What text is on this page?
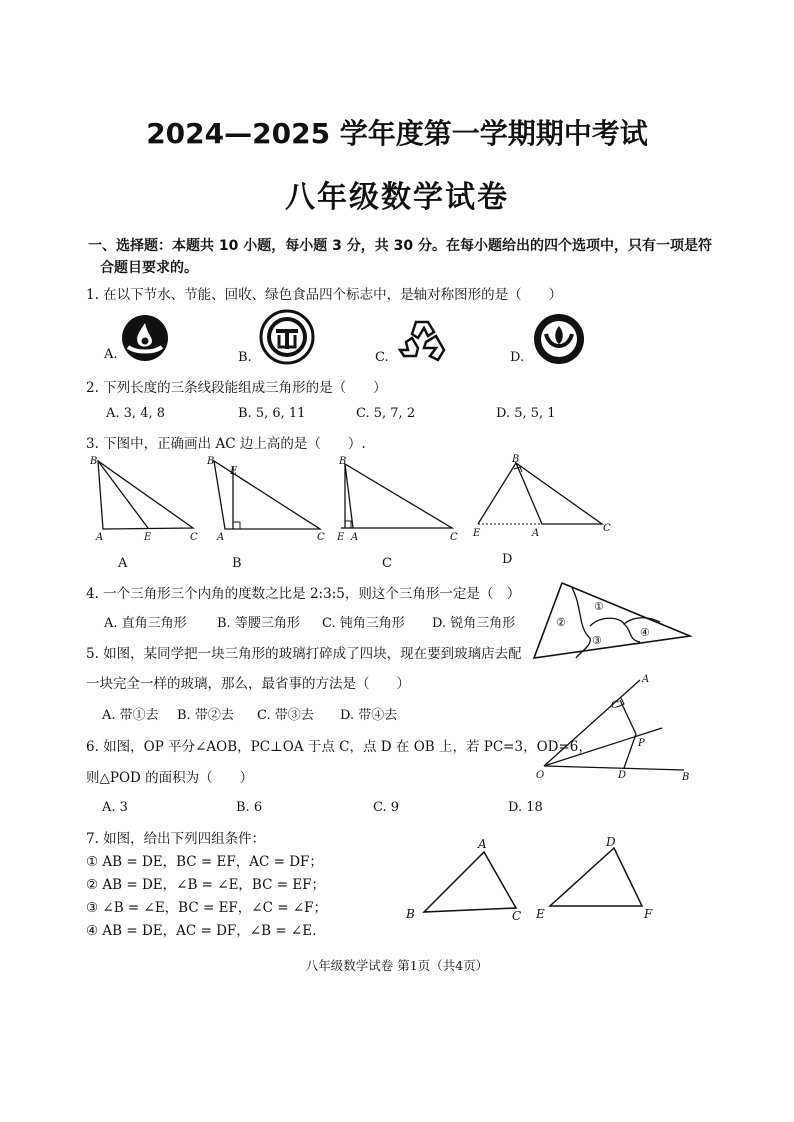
2024—2025 学年度第一学期期中考试
八年级数学试卷
一、选择题：本题共 10 小题，每小题 3 分，共 30 分。在每小题给出的四个选项中，只有一项是符
合题目要求的。
1. 在以下节水、节能、回收、绿色食品四个标志中，是轴对称图形的是（　　）
A.	B.	C.	D.
2. 下列长度的三条线段能组成三角形的是（　　）
A. 3, 4, 8	B. 5, 6, 11	C. 5, 7, 2	D. 5, 5, 1
3. 下图中，正确画出 AC 边上高的是（　　）.
B
A	E	C
A
B
E
A	C
B
B
E A	C
C
B
E	A	C
D
4. 一个三角形三个内角的度数之比是 2:3:5，则这个三角形一定是（　）
A. 直角三角形 B. 等腰三角形 C. 钝角三角形 D. 锐角三角形
①
②
③
④
5. 如图，某同学把一块三角形的玻璃打碎成了四块，现在要到玻璃店去配
一块完全一样的玻璃，那么，最省事的方法是（　　）
A. 带①去 B. 带②去 C. 带③去 D. 带④去
A
C
P
O	D	B
6. 如图，OP 平分∠AOB，PC⊥OA 于点 C，点 D 在 OB 上，若 PC=3，OD=6，
则△POD 的面积为（　　）
A. 3	B. 6	C. 9	D. 18
7. 如图，给出下列四组条件：
① AB = DE，BC = EF，AC = DF；
② AB = DE，∠B = ∠E，BC = EF；
③ ∠B = ∠E，BC = EF，∠C = ∠F；
④ AB = DE，AC = DF，∠B = ∠E.
A
B	C
D
E	F
八年级数学试卷 第1页（共4页）
